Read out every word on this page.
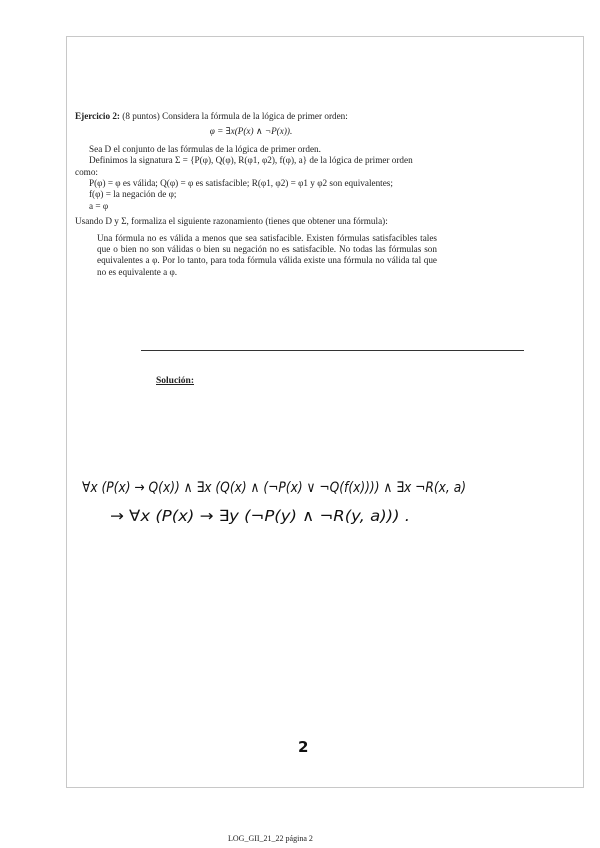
Ejercicio 2: (8 puntos) Considera la fórmula de la lógica de primer orden:
φ = ∃x(P(x) ∧ ¬P(x)).
Sea D el conjunto de las fórmulas de la lógica de primer orden.
Definimos la signatura Σ = {P(φ), Q(φ), R(φ1, φ2), f(φ), a} de la lógica de primer orden
como:
P(φ) = φ es válida; Q(φ) = φ es satisfacible; R(φ1, φ2) = φ1 y φ2 son equivalentes;
f(φ) = la negación de φ;
a = φ
Usando D y Σ, formaliza el siguiente razonamiento (tienes que obtener una fórmula):
Una fórmula no es válida a menos que sea satisfacible. Existen fórmulas satisfacibles tales que o bien no son válidas o bien su negación no es satisfacible. No todas las fórmulas son equivalentes a φ. Por lo tanto, para toda fórmula válida existe una fórmula no válida tal que no es equivalente a φ.
Solución:
∀x (P(x) → Q(x)) ∧ ∃x (Q(x) ∧ (¬P(x) ∨ ¬Q(f(x)))) ∧ ∃x ¬R(x, a)
→ ∀x (P(x) → ∃y (¬P(y) ∧ ¬R(y, a))) .
2
LOG_GII_21_22 página 2
